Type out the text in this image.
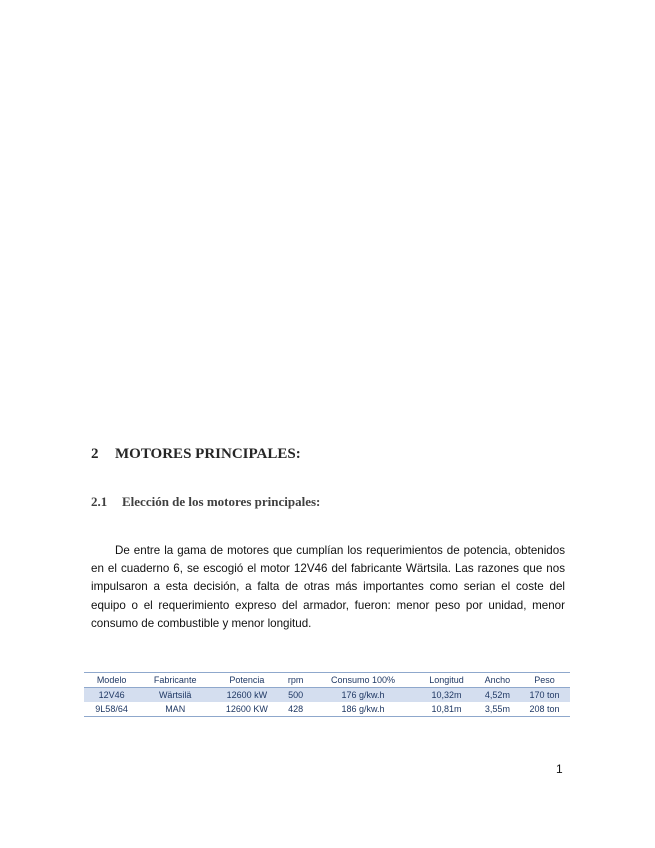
2 MOTORES PRINCIPALES:
2.1 Elección de los motores principales:

De entre la gama de motores que cumplían los requerimientos de potencia, obtenidos en el cuaderno 6, se escogió el motor 12V46 del fabricante Wärtsila. Las razones que nos impulsaron a esta decisión, a falta de otras más importantes como serian el coste del equipo o el requerimiento expreso del armador, fueron: menor peso por unidad, menor consumo de combustible y menor longitud.

Modelo	Fabricante	Potencia	rpm	Consumo 100%	Longitud	Ancho	Peso
12V46	Wärtsilä	12600 kW	500	176 g/kw.h	10,32m	4,52m	170 ton
9L58/64	MAN	12600 KW	428	186 g/kw.h	10,81m	3,55m	208 ton
1
